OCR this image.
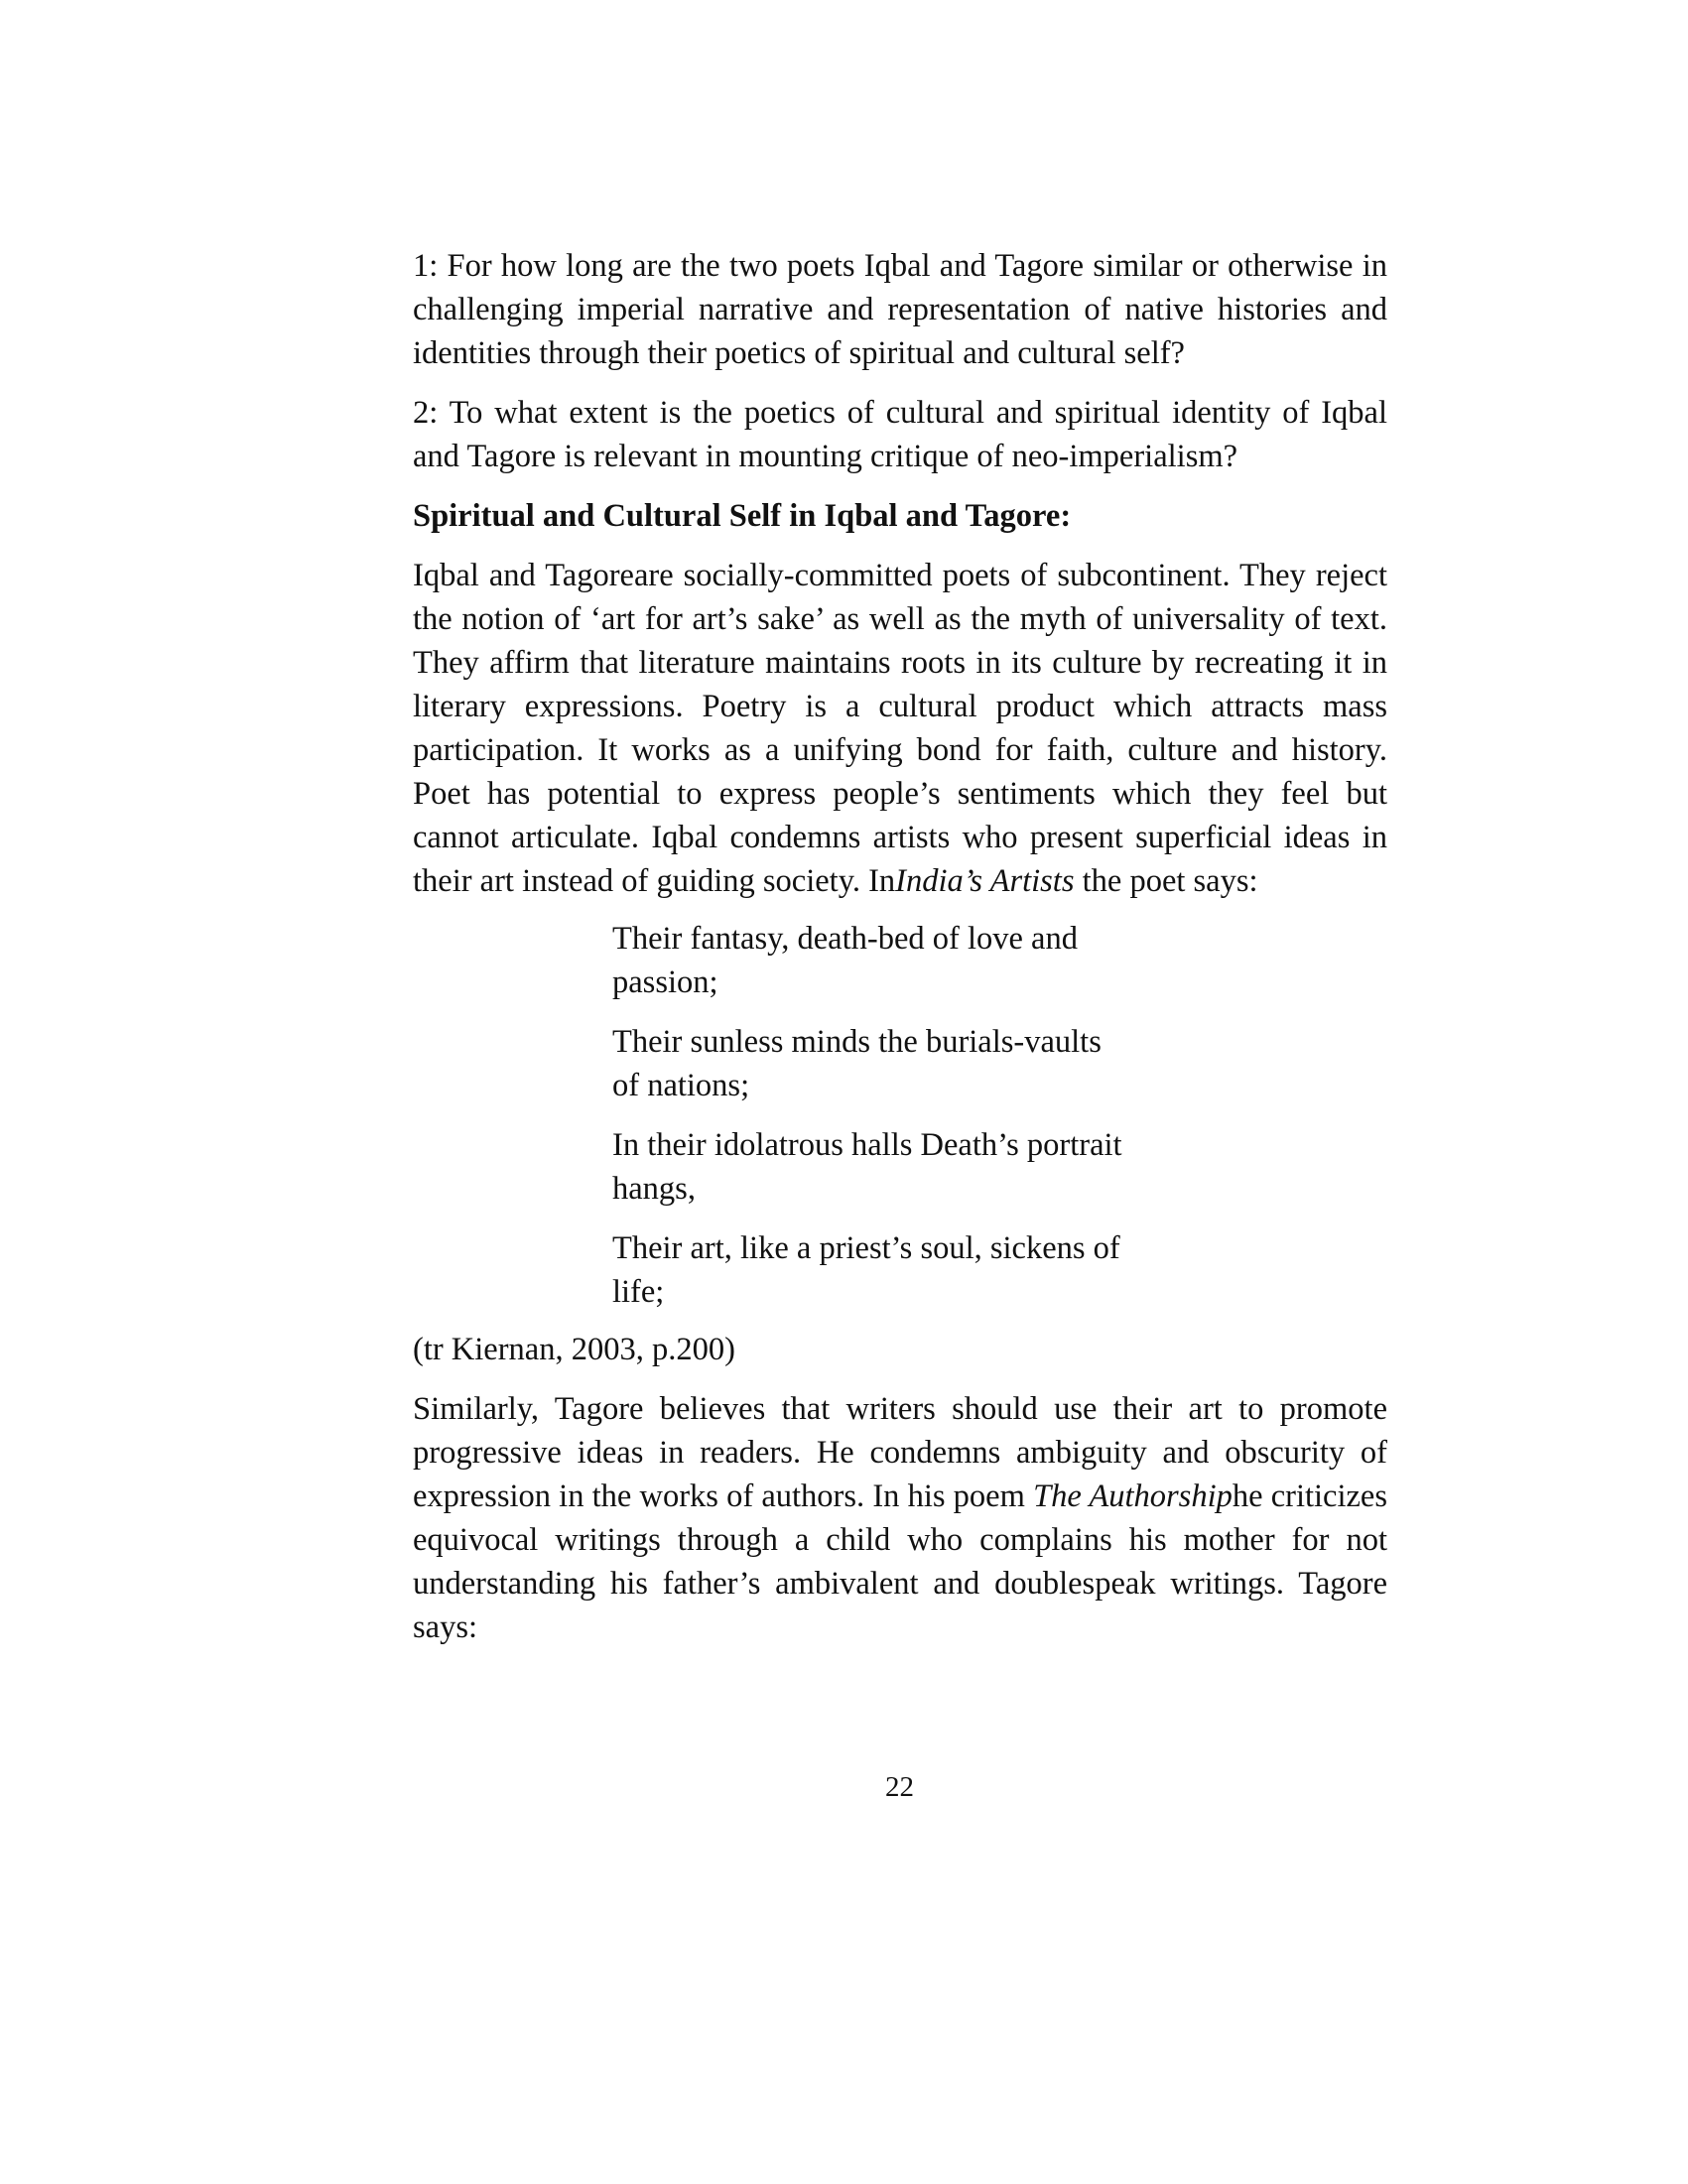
1: For how long are the two poets Iqbal and Tagore similar or otherwise in challenging imperial narrative and representation of native histories and identities through their poetics of spiritual and cultural self?

2: To what extent is the poetics of cultural and spiritual identity of Iqbal and Tagore is relevant in mounting critique of neo-imperialism?

Spiritual and Cultural Self in Iqbal and Tagore:

Iqbal and Tagoreare socially-committed poets of subcontinent. They reject the notion of ‘art for art’s sake’ as well as the myth of universality of text. They affirm that literature maintains roots in its culture by recreating it in literary expressions. Poetry is a cultural product which attracts mass participation. It works as a unifying bond for faith, culture and history. Poet has potential to express people’s sentiments which they feel but cannot articulate. Iqbal condemns artists who present superficial ideas in their art instead of guiding society. InIndia’s Artists the poet says:

Their fantasy, death-bed of love and passion;

Their sunless minds the burials-vaults of nations;

In their idolatrous halls Death’s portrait hangs,

Their art, like a priest’s soul, sickens of life;

(tr Kiernan, 2003, p.200)

Similarly, Tagore believes that writers should use their art to promote progressive ideas in readers. He condemns ambiguity and obscurity of expression in the works of authors. In his poem The Authorshiphe criticizes equivocal writings through a child who complains his mother for not understanding his father’s ambivalent and doublespeak writings. Tagore says:

22
